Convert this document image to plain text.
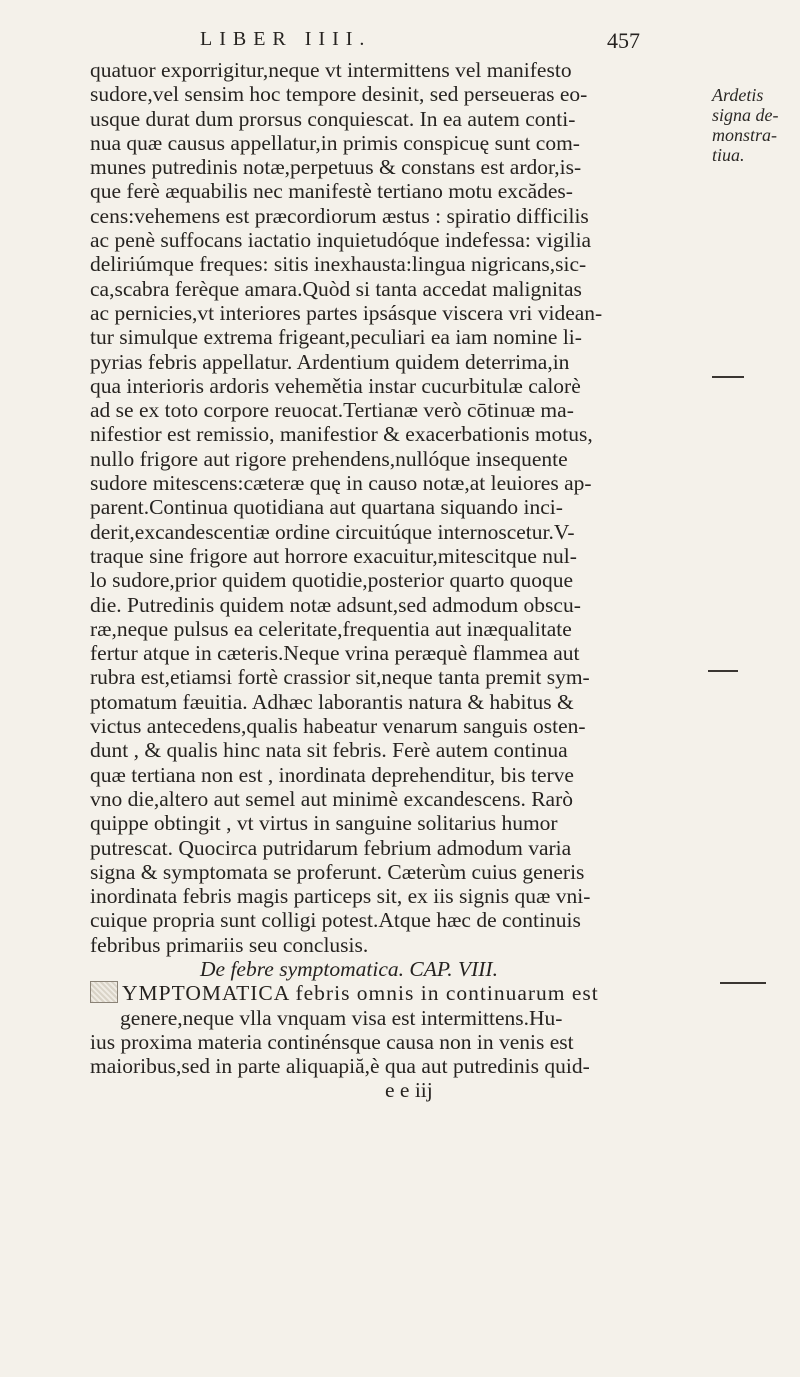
LIBER IIII.	457
Ardetis
signa de-
monstra-
tiua.
quatuor exporrigitur,neque vt intermittens vel manifesto
sudore,vel sensim hoc tempore desinit, sed perseueras eo-
usque durat dum prorsus conquiescat. In ea autem conti-
nua quæ causus appellatur,in primis conspicuę sunt com-
munes putredinis notæ,perpetuus & constans est ardor,is-
que ferè æquabilis nec manifestè tertiano motu excădes-
cens:vehemens est præcordiorum æstus : spiratio difficilis
ac penè suffocans iactatio inquietudóque indefessa: vigilia
deliriúmque freques: sitis inexhausta:lingua nigricans,sic-
ca,scabra ferèque amara.Quòd si tanta accedat malignitas
ac pernicies,vt interiores partes ipsásque viscera vri videan-
tur simulque extrema frigeant,peculiari ea iam nomine li-
pyrias febris appellatur. Ardentium quidem deterrima,in
qua interioris ardoris vehemětia instar cucurbitulæ calorè
ad se ex toto corpore reuocat.Tertianæ verò cōtinuæ ma-
nifestior est remissio, manifestior & exacerbationis motus,
nullo frigore aut rigore prehendens,nullóque insequente
sudore mitescens:cæteræ quę in causo notæ,at leuiores ap-
parent.Continua quotidiana aut quartana siquando inci-
derit,excandescentiæ ordine circuitúque internoscetur.V-
traque sine frigore aut horrore exacuitur,mitescitque nul-
lo sudore,prior quidem quotidie,posterior quarto quoque
die. Putredinis quidem notæ adsunt,sed admodum obscu-
ræ,neque pulsus ea celeritate,frequentia aut inæqualitate
fertur atque in cæteris.Neque vrina peræquè flammea aut
rubra est,etiamsi fortè crassior sit,neque tanta premit sym-
ptomatum fæuitia. Adhæc laborantis natura & habitus &
victus antecedens,qualis habeatur venarum sanguis osten-
dunt , & qualis hinc nata sit febris. Ferè autem continua
quæ tertiana non est , inordinata deprehenditur, bis terve
vno die,altero aut semel aut minimè excandescens. Rarò
quippe obtingit , vt virtus in sanguine solitarius humor
putrescat. Quocirca putridarum febrium admodum varia
signa & symptomata se proferunt. Cæterùm cuius generis
inordinata febris magis particeps sit, ex iis signis quæ vni-
cuique propria sunt colligi potest.Atque hæc de continuis
febribus primariis seu conclusis.
De febre symptomatica. CAP. VIII.
YMPTOMATICA febris omnis in continuarum est
genere,neque vlla vnquam visa est intermittens.Hu-
ius proxima materia continénsque causa non in venis est
maioribus,sed in parte aliquapiă,è qua aut putredinis quid-
e e iij
